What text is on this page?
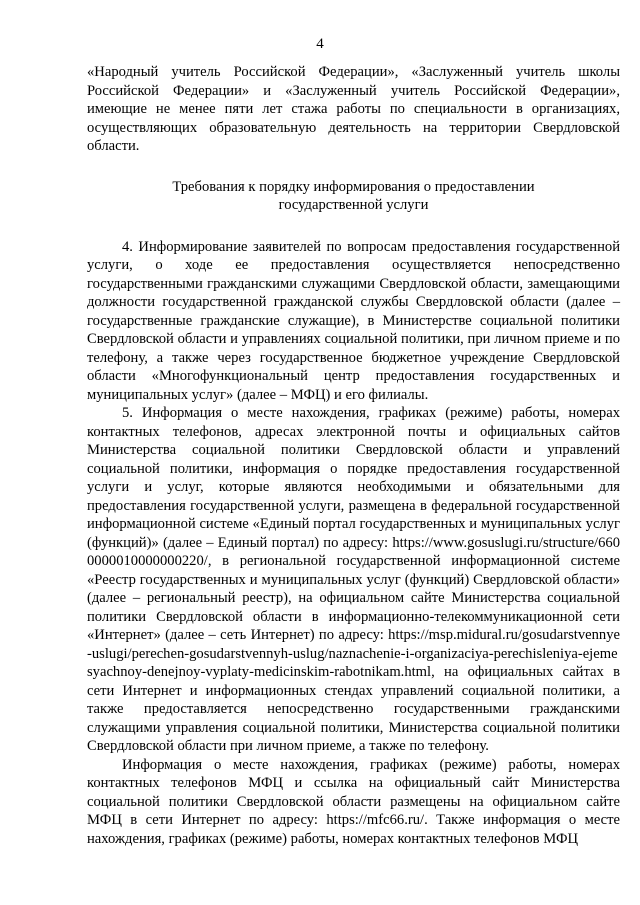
4

«Народный учитель Российской Федерации», «Заслуженный учитель школы Российской Федерации» и «Заслуженный учитель Российской Федерации», имеющие не менее пяти лет стажа работы по специальности в организациях, осуществляющих образовательную деятельность на территории Свердловской области.

Требования к порядку информирования о предоставлении государственной услуги

4. Информирование заявителей по вопросам предоставления государственной услуги, о ходе ее предоставления осуществляется непосредственно государственными гражданскими служащими Свердловской области, замещающими должности государственной гражданской службы Свердловской области (далее – государственные гражданские служащие), в Министерстве социальной политики Свердловской области и управлениях социальной политики, при личном приеме и по телефону, а также через государственное бюджетное учреждение Свердловской области «Многофункциональный центр предоставления государственных и муниципальных услуг» (далее – МФЦ) и его филиалы.

5. Информация о месте нахождения, графиках (режиме) работы, номерах контактных телефонов, адресах электронной почты и официальных сайтов Министерства социальной политики Свердловской области и управлений социальной политики, информация о порядке предоставления государственной услуги и услуг, которые являются необходимыми и обязательными для предоставления государственной услуги, размещена в федеральной государственной информационной системе «Единый портал государственных и муниципальных услуг (функций)» (далее – Единый портал) по адресу: https://www.gosuslugi.ru/structure/6600000010000000220/, в региональной государственной информационной системе «Реестр государственных и муниципальных услуг (функций) Свердловской области» (далее – региональный реестр), на официальном сайте Министерства социальной политики Свердловской области в информационно-телекоммуникационной сети «Интернет» (далее – сеть Интернет) по адресу: https://msp.midural.ru/gosudarstvennye-uslugi/perechen-gosudarstvennyh-uslug/naznachenie-i-organizaciya-perechisleniya-ejemesyachnoy-denejnoy-vyplaty-medicinskim-rabotnikam.html, на официальных сайтах в сети Интернет и информационных стендах управлений социальной политики, а также предоставляется непосредственно государственными гражданскими служащими управления социальной политики, Министерства социальной политики Свердловской области при личном приеме, а также по телефону.

Информация о месте нахождения, графиках (режиме) работы, номерах контактных телефонов МФЦ и ссылка на официальный сайт Министерства социальной политики Свердловской области размещены на официальном сайте МФЦ в сети Интернет по адресу: https://mfc66.ru/. Также информация о месте нахождения, графиках (режиме) работы, номерах контактных телефонов МФЦ
